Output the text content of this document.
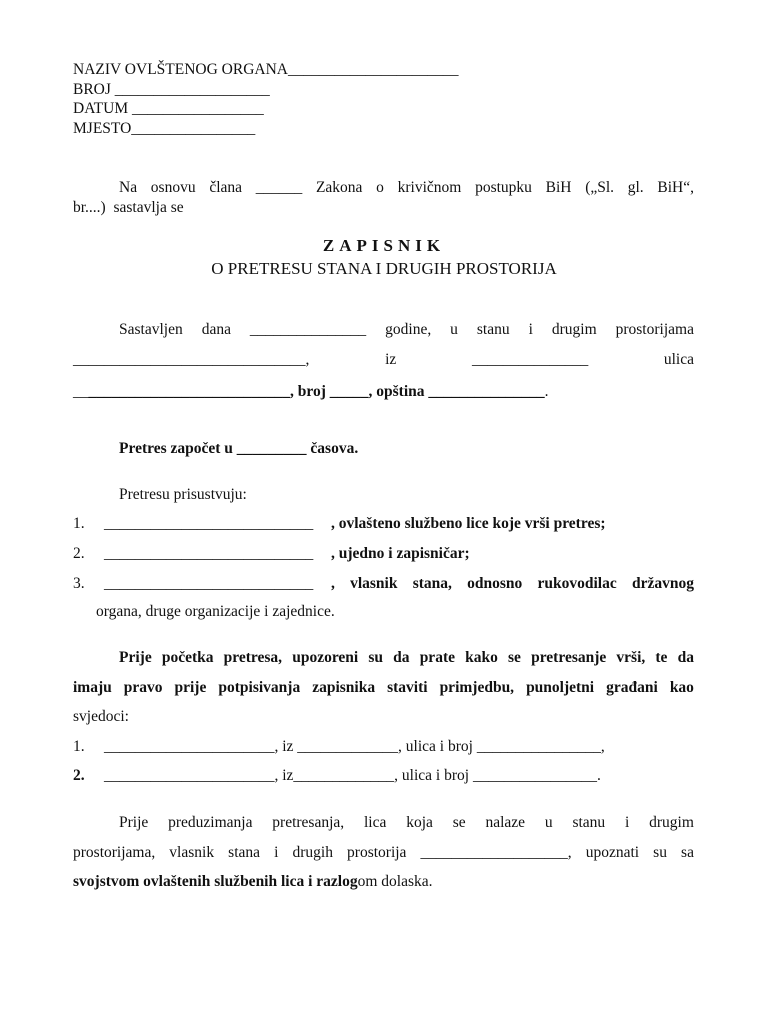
NAZIV OVLŠTENOG ORGANA______________________
BROJ ____________________
DATUM _________________
MJESTO________________
Na osnovu člana ______ Zakona o krivičnom postupku BiH („Sl. gl. BiH“,
br....)  sastavlja se
ZAPISNIK
O PRETRESU STANA I DRUGIH PROSTORIJA
Sastavljen dana _______________ godine, u stanu i drugim prostorijama
______________________________,	iz	_______________	ulica
____________________________, broj _____, opština _______________.
Pretres započet u _________ časova.
Pretresu prisustvuju:
1. ___________________________ , ovlašteno službeno lice koje vrši pretres;
2. ___________________________ , ujedno i zapisničar;
3. ___________________________ , vlasnik stana, odnosno rukovodilac državnog
organa, druge organizacije i zajednice.
Prije početka pretresa, upozoreni su da prate kako se pretresanje vrši, te da
imaju pravo prije potpisivanja zapisnika staviti primjedbu, punoljetni građani kao
svjedoci:
1. ______________________, iz _____________, ulica i broj ________________,
2. ______________________, iz_____________, ulica i broj ________________.
Prije preduzimanja pretresanja, lica koja se nalaze u stanu i drugim
prostorijama, vlasnik stana i drugih prostorija ___________________, upoznati su sa
svojstvom ovlaštenih službenih lica i razlogom dolaska.
